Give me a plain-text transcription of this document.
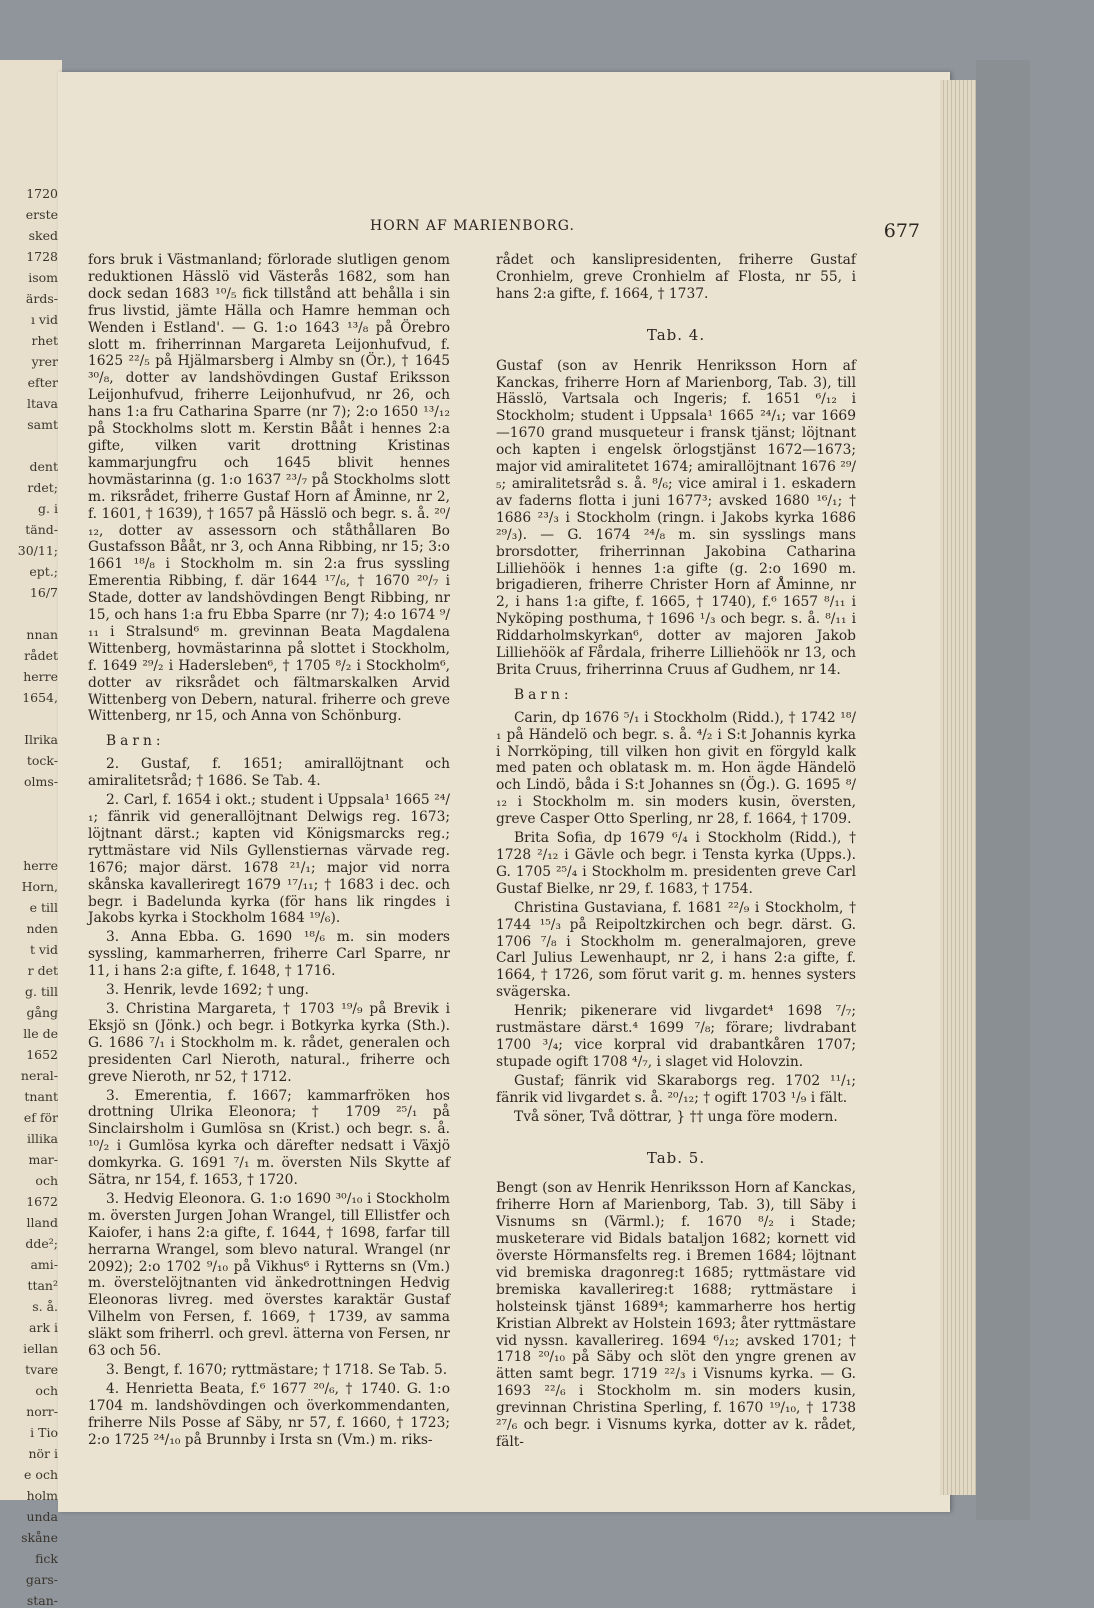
1720
erste
sked
1728
isom
ärds-
ı vid
rhet
yrer
efter
ltava
samt
dent
rdet;
g. i
tänd-
30/11;
ept.;
16/7
nnan
rådet
herre
1654,
Ilrika
tock-
olms-
herre
Horn,
e till
nden
t vid
r det
g. till
gång
lle de
1652
neral-
tnant
ef för
illika
mar-
och
1672
lland
dde²;
ami-
ttan²
s. å.
ark i
iellan
tvare
och
norr-
i Tio
nör i
e och
holm
unda
skåne
fick
gars-
stan-
HORN AF MARIENBORG.	677

fors bruk i Västmanland; förlorade slutligen genom reduktionen Hässlö vid Västerås 1682, som han dock sedan 1683 ¹⁰/₅ fick tillstånd att behålla i sin frus livstid, jämte Hälla och Hamre hemman och Wenden i Estland'. — G. 1:o 1643 ¹³/₈ på Örebro slott m. friherrinnan Margareta Leijonhufvud, f. 1625 ²²/₅ på Hjälmarsberg i Almby sn (Ör.), † 1645 ³⁰/₈, dotter av landshövdingen Gustaf Eriksson Leijonhufvud, friherre Leijonhufvud, nr 26, och hans 1:a fru Catharina Sparre (nr 7); 2:o 1650 ¹³/₁₂ på Stockholms slott m. Kerstin Bååt i hennes 2:a gifte, vilken varit drottning Kristinas kammarjungfru och 1645 blivit hennes hovmästarinna (g. 1:o 1637 ²³/₇ på Stockholms slott m. riksrådet, friherre Gustaf Horn af Åminne, nr 2, f. 1601, † 1639), † 1657 på Hässlö och begr. s. å. ²⁰/₁₂, dotter av assessorn och ståthållaren Bo Gustafsson Bååt, nr 3, och Anna Ribbing, nr 15; 3:o 1661 ¹⁸/₈ i Stockholm m. sin 2:a frus syssling Emerentia Ribbing, f. där 1644 ¹⁷/₆, † 1670 ²⁰/₇ i Stade, dotter av landshövdingen Bengt Ribbing, nr 15, och hans 1:a fru Ebba Sparre (nr 7); 4:o 1674 ⁹/₁₁ i Stralsund⁶ m. grevinnan Beata Magdalena Wittenberg, hovmästarinna på slottet i Stockholm, f. 1649 ²⁹/₂ i Hadersleben⁶, † 1705 ⁸/₂ i Stockholm⁶, dotter av riksrådet och fältmarskalken Arvid Wittenberg von Debern, natural. friherre och greve Wittenberg, nr 15, och Anna von Schönburg.

Barn:

2. Gustaf, f. 1651; amirallöjtnant och amiralitetsråd; † 1686. Se Tab. 4.

2. Carl, f. 1654 i okt.; student i Uppsala¹ 1665 ²⁴/₁; fänrik vid generallöjtnant Delwigs reg. 1673; löjtnant därst.; kapten vid Königsmarcks reg.; ryttmästare vid Nils Gyllenstiernas värvade reg. 1676; major därst. 1678 ²¹/₁; major vid norra skånska kavalleriregt 1679 ¹⁷/₁₁; † 1683 i dec. och begr. i Badelunda kyrka (för hans lik ringdes i Jakobs kyrka i Stockholm 1684 ¹⁹/₆).

3. Anna Ebba. G. 1690 ¹⁸/₆ m. sin moders syssling, kammarherren, friherre Carl Sparre, nr 11, i hans 2:a gifte, f. 1648, † 1716.

3. Henrik, levde 1692; † ung.

3. Christina Margareta, † 1703 ¹⁹/₉ på Brevik i Eksjö sn (Jönk.) och begr. i Botkyrka kyrka (Sth.). G. 1686 ⁷/₁ i Stockholm m. k. rådet, generalen och presidenten Carl Nieroth, natural., friherre och greve Nieroth, nr 52, † 1712.

3. Emerentia, f. 1667; kammarfröken hos drottning Ulrika Eleonora; † 1709 ²⁵/₁ på Sinclairsholm i Gumlösa sn (Krist.) och begr. s. å. ¹⁰/₂ i Gumlösa kyrka och därefter nedsatt i Växjö domkyrka. G. 1691 ⁷/₁ m. översten Nils Skytte af Sätra, nr 154, f. 1653, † 1720.

3. Hedvig Eleonora. G. 1:o 1690 ³⁰/₁₀ i Stockholm m. översten Jurgen Johan Wrangel, till Ellistfer och Kaiofer, i hans 2:a gifte, f. 1644, † 1698, farfar till herrarna Wrangel, som blevo natural. Wrangel (nr 2092); 2:o 1702 ⁹/₁₀ på Vikhus⁶ i Rytterns sn (Vm.) m. överstelöjtnanten vid änkedrottningen Hedvig Eleonoras livreg. med överstes karaktär Gustaf Vilhelm von Fersen, f. 1669, † 1739, av samma släkt som friherrl. och grevl. ätterna von Fersen, nr 63 och 56.

3. Bengt, f. 1670; ryttmästare; † 1718. Se Tab. 5.

4. Henrietta Beata, f.⁶ 1677 ²⁰/₆, † 1740. G. 1:o 1704 m. landshövdingen och överkommendanten, friherre Nils Posse af Säby, nr 57, f. 1660, † 1723; 2:o 1725 ²⁴/₁₀ på Brunnby i Irsta sn (Vm.) m. riks-

rådet och kanslipresidenten, friherre Gustaf Cronhielm, greve Cronhielm af Flosta, nr 55, i hans 2:a gifte, f. 1664, † 1737.

Tab. 4.

Gustaf (son av Henrik Henriksson Horn af Kanckas, friherre Horn af Marienborg, Tab. 3), till Hässlö, Vartsala och Ingeris; f. 1651 ⁶/₁₂ i Stockholm; student i Uppsala¹ 1665 ²⁴/₁; var 1669—1670 grand musqueteur i fransk tjänst; löjtnant och kapten i engelsk örlogstjänst 1672—1673; major vid amiralitetet 1674; amirallöjtnant 1676 ²⁹/₅; amiralitetsråd s. å. ⁸/₆; vice amiral i 1. eskadern av faderns flotta i juni 1677³; avsked 1680 ¹⁶/₁; † 1686 ²³/₃ i Stockholm (ringn. i Jakobs kyrka 1686 ²⁹/₃). — G. 1674 ²⁴/₈ m. sin sysslings mans brorsdotter, friherrinnan Jakobina Catharina Lilliehöök i hennes 1:a gifte (g. 2:o 1690 m. brigadieren, friherre Christer Horn af Åminne, nr 2, i hans 1:a gifte, f. 1665, † 1740), f.⁶ 1657 ⁸/₁₁ i Nyköping posthuma, † 1696 ¹/₃ och begr. s. å. ⁸/₁₁ i Riddarholmskyrkan⁶, dotter av majoren Jakob Lilliehöök af Fårdala, friherre Lilliehöök nr 13, och Brita Cruus, friherrinna Cruus af Gudhem, nr 14.

Barn:

Carin, dp 1676 ⁵/₁ i Stockholm (Ridd.), † 1742 ¹⁸/₁ på Händelö och begr. s. å. ⁴/₂ i S:t Johannis kyrka i Norrköping, till vilken hon givit en förgyld kalk med paten och oblatask m. m. Hon ägde Händelö och Lindö, båda i S:t Johannes sn (Ög.). G. 1695 ⁸/₁₂ i Stockholm m. sin moders kusin, översten, greve Casper Otto Sperling, nr 28, f. 1664, † 1709.

Brita Sofia, dp 1679 ⁶/₄ i Stockholm (Ridd.), † 1728 ²/₁₂ i Gävle och begr. i Tensta kyrka (Upps.). G. 1705 ²⁵/₄ i Stockholm m. presidenten greve Carl Gustaf Bielke, nr 29, f. 1683, † 1754.

Christina Gustaviana, f. 1681 ²²/₉ i Stockholm, † 1744 ¹⁵/₃ på Reipoltzkirchen och begr. därst. G. 1706 ⁷/₈ i Stockholm m. generalmajoren, greve Carl Julius Lewenhaupt, nr 2, i hans 2:a gifte, f. 1664, † 1726, som förut varit g. m. hennes systers svägerska.

Henrik; pikenerare vid livgardet⁴ 1698 ⁷/₇; rustmästare därst.⁴ 1699 ⁷/₈; förare; livdrabant 1700 ³/₄; vice korpral vid drabantkåren 1707; stupade ogift 1708 ⁴/₇, i slaget vid Holovzin.

Gustaf; fänrik vid Skaraborgs reg. 1702 ¹¹/₁; fänrik vid livgardet s. å. ²⁰/₁₂; † ogift 1703 ¹/₉ i fält.

Två söner, Två döttrar, } †† unga före modern.

Tab. 5.

Bengt (son av Henrik Henriksson Horn af Kanckas, friherre Horn af Marienborg, Tab. 3), till Säby i Visnums sn (Värml.); f. 1670 ⁸/₂ i Stade; musketerare vid Bidals bataljon 1682; kornett vid överste Hörmansfelts reg. i Bremen 1684; löjtnant vid bremiska dragonreg:t 1685; ryttmästare vid bremiska kavallerireg:t 1688; ryttmästare i holsteinsk tjänst 1689⁴; kammarherre hos hertig Kristian Albrekt av Holstein 1693; åter ryttmästare vid nyssn. kavallerireg. 1694 ⁶/₁₂; avsked 1701; † 1718 ²⁰/₁₀ på Säby och slöt den yngre grenen av ätten samt begr. 1719 ²²/₃ i Visnums kyrka. — G. 1693 ²²/₆ i Stockholm m. sin moders kusin, grevinnan Christina Sperling, f. 1670 ¹⁹/₁₀, † 1738 ²⁷/₆ och begr. i Visnums kyrka, dotter av k. rådet, fält-
